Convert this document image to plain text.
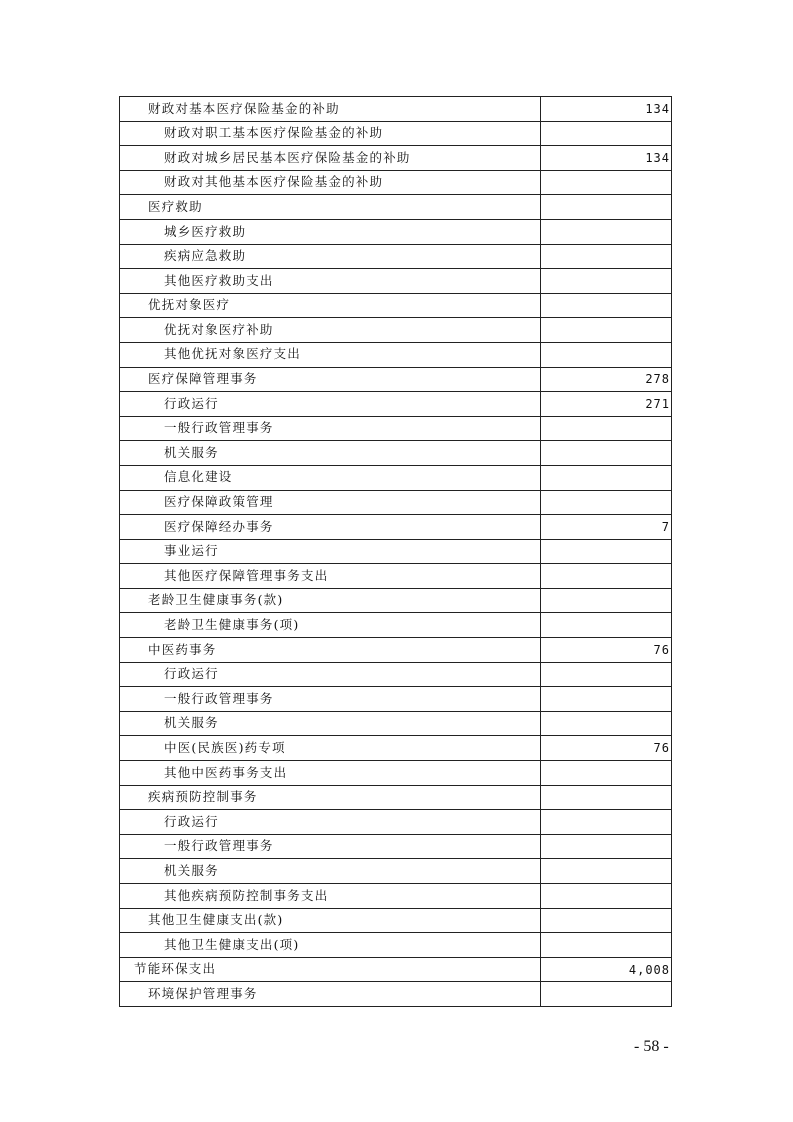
财政对基本医疗保险基金的补助	134
财政对职工基本医疗保险基金的补助	
财政对城乡居民基本医疗保险基金的补助	134
财政对其他基本医疗保险基金的补助	
医疗救助	
城乡医疗救助	
疾病应急救助	
其他医疗救助支出	
优抚对象医疗	
优抚对象医疗补助	
其他优抚对象医疗支出	
医疗保障管理事务	278
行政运行	271
一般行政管理事务	
机关服务	
信息化建设	
医疗保障政策管理	
医疗保障经办事务	7
事业运行	
其他医疗保障管理事务支出	
老龄卫生健康事务(款)	
老龄卫生健康事务(项)	
中医药事务	76
行政运行	
一般行政管理事务	
机关服务	
中医(民族医)药专项	76
其他中医药事务支出	
疾病预防控制事务	
行政运行	
一般行政管理事务	
机关服务	
其他疾病预防控制事务支出	
其他卫生健康支出(款)	
其他卫生健康支出(项)	
节能环保支出	4,008
环境保护管理事务	
- 58 -
